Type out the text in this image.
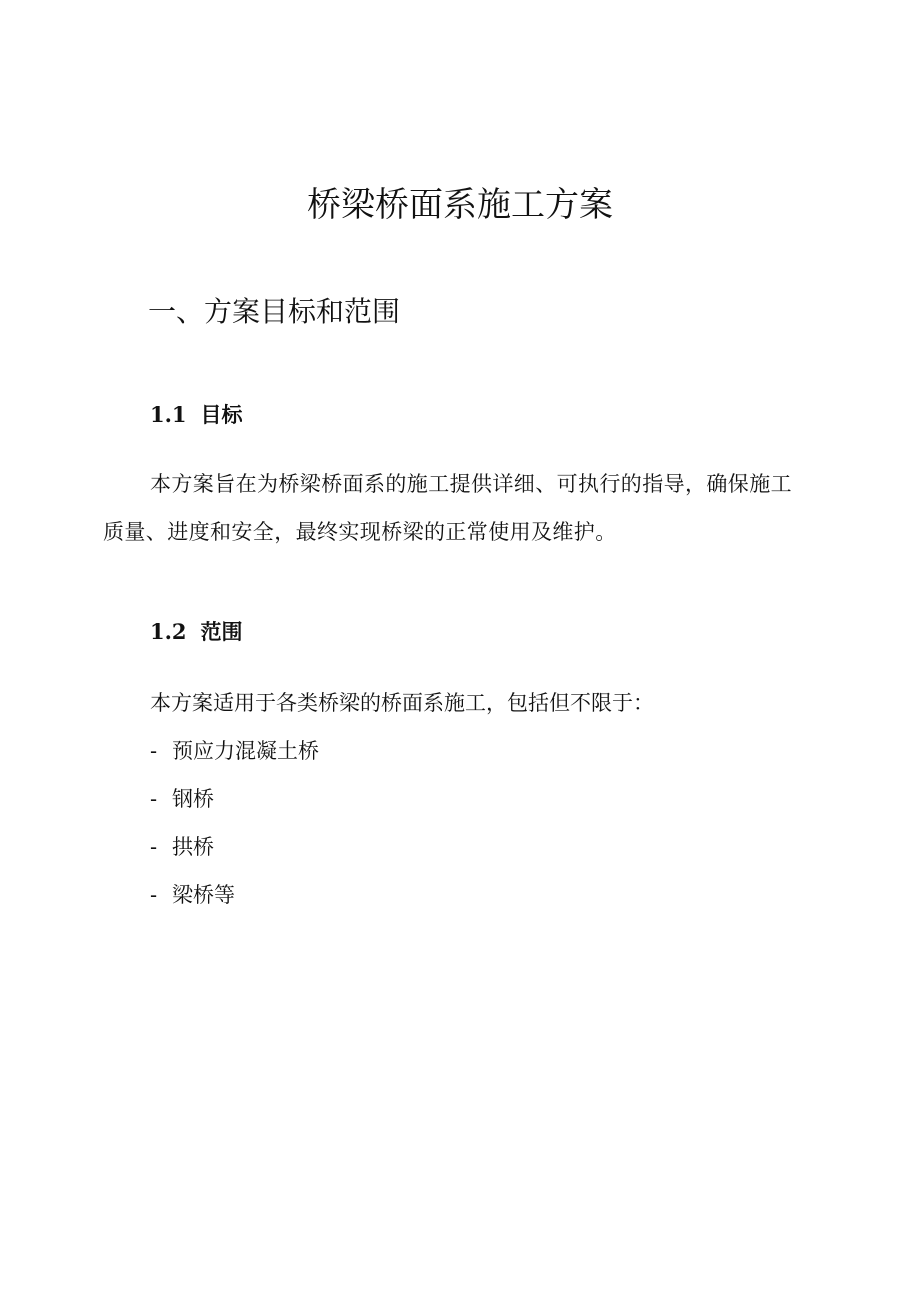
桥梁桥面系施工方案
一、方案目标和范围
1.1 目标

本方案旨在为桥梁桥面系的施工提供详细、可执行的指导，确保施工质量、进度和安全，最终实现桥梁的正常使用及维护。

1.2 范围

本方案适用于各类桥梁的桥面系施工，包括但不限于：

- 预应力混凝土桥
- 钢桥
- 拱桥
- 梁桥等
